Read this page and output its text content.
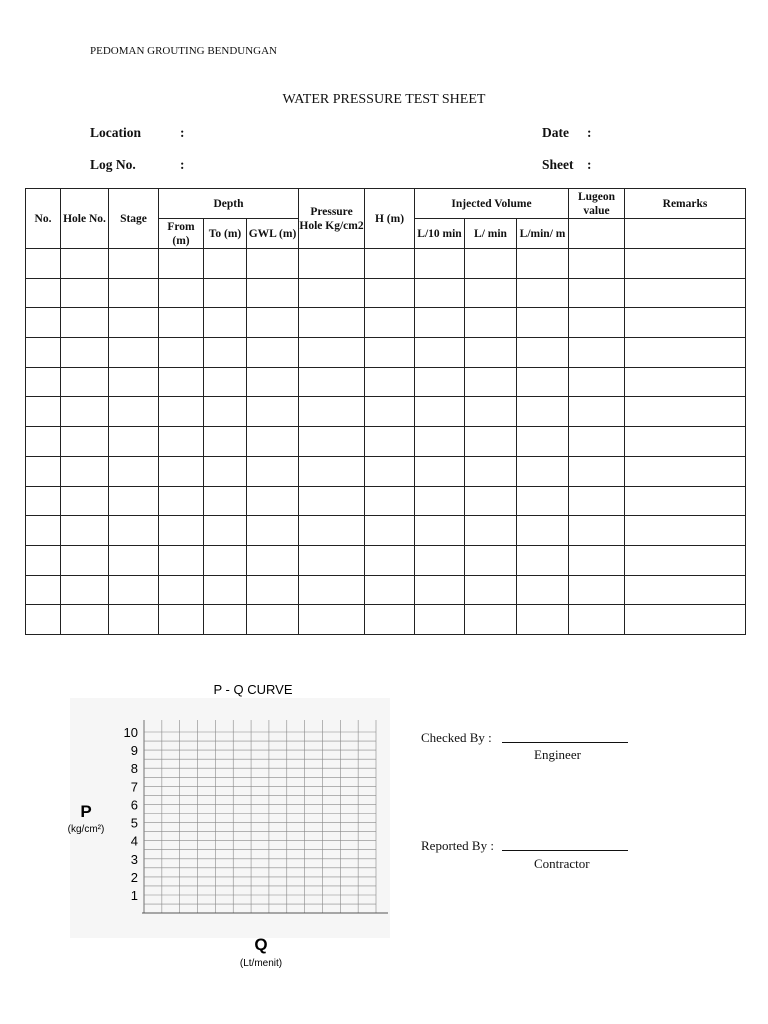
PEDOMAN GROUTING BENDUNGAN
WATER PRESSURE TEST SHEET
Location	:	Date :
Log No.	:	Sheet :
No.	Hole No.	Stage	Depth			Pressure Hole Kg/cm2	H (m)	Injected Volume			Lugeon value	Remarks
			From (m)	To (m)	GWL (m)			L/10 min	L/ min	L/min/ m		

P - Q CURVE
1
2
3
4
5
6
7
8
9
10
P
(kg/cm²)
Q
(Lt/menit)
Checked By :
Engineer
Reported By :
Contractor
